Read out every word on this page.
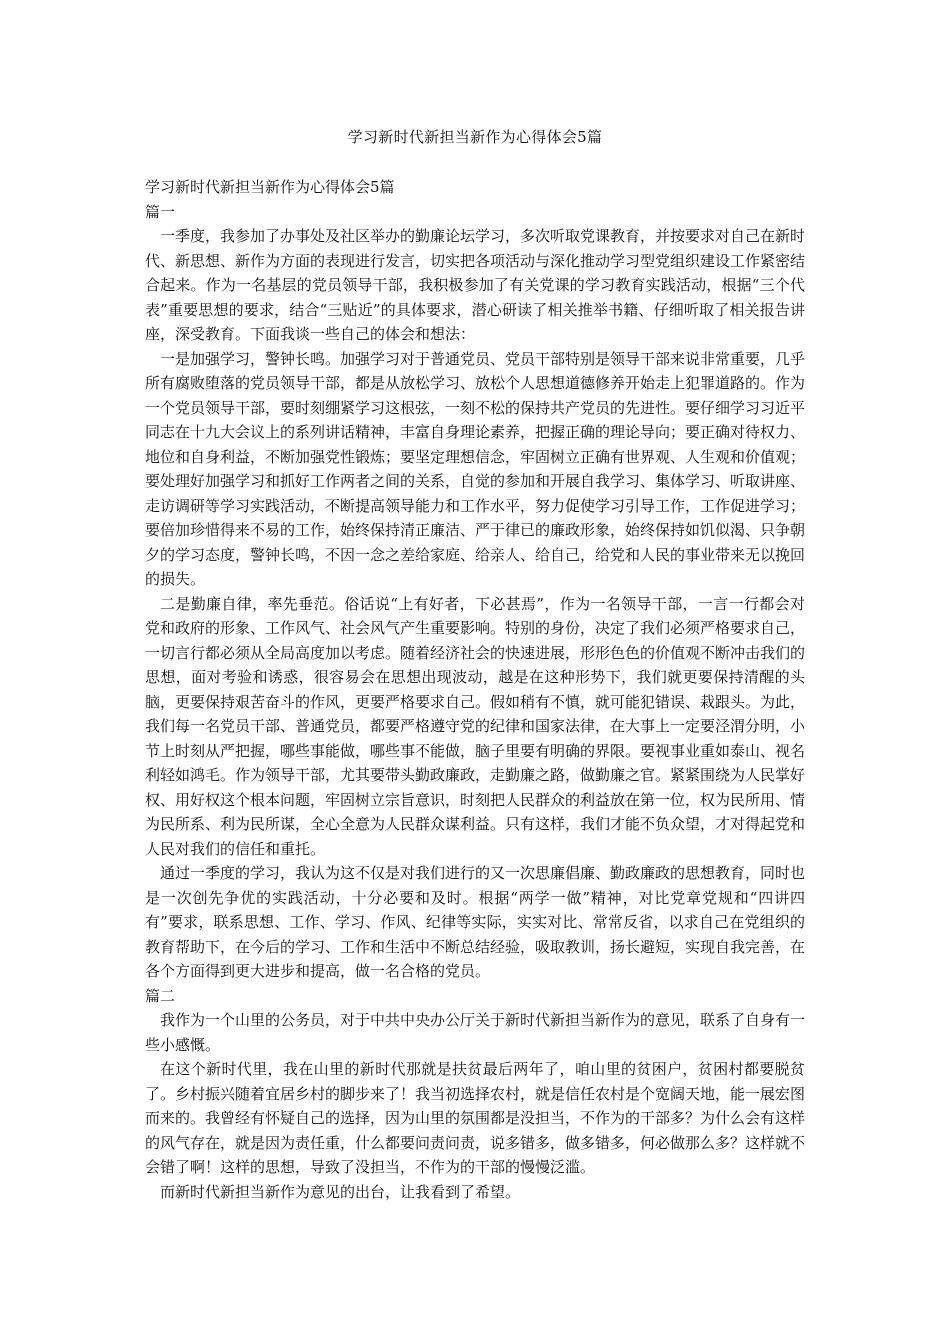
学习新时代新担当新作为心得体会5篇

学习新时代新担当新作为心得体会5篇

篇一

一季度，我参加了办事处及社区举办的勤廉论坛学习，多次听取党课教育，并按要求对自己在新时代、新思想、新作为方面的表现进行发言，切实把各项活动与深化推动学习型党组织建设工作紧密结合起来。作为一名基层的党员领导干部，我积极参加了有关党课的学习教育实践活动，根据“三个代表”重要思想的要求，结合“三贴近”的具体要求，潜心研读了相关推举书籍、仔细听取了相关报告讲座，深受教育。下面我谈一些自己的体会和想法：

一是加强学习，警钟长鸣。加强学习对于普通党员、党员干部特别是领导干部来说非常重要，几乎所有腐败堕落的党员领导干部，都是从放松学习、放松个人思想道德修养开始走上犯罪道路的。作为一个党员领导干部，要时刻绷紧学习这根弦，一刻不松的保持共产党员的先进性。要仔细学习习近平同志在十九大会议上的系列讲话精神，丰富自身理论素养，把握正确的理论导向；要正确对待权力、地位和自身利益，不断加强党性锻炼；要坚定理想信念，牢固树立正确有世界观、人生观和价值观；要处理好加强学习和抓好工作两者之间的关系，自觉的参加和开展自我学习、集体学习、听取讲座、走访调研等学习实践活动，不断提高领导能力和工作水平，努力促使学习引导工作，工作促进学习；要倍加珍惜得来不易的工作，始终保持清正廉洁、严于律已的廉政形象，始终保持如饥似渴、只争朝夕的学习态度，警钟长鸣，不因一念之差给家庭、给亲人、给自己，给党和人民的事业带来无以挽回的损失。

二是勤廉自律，率先垂范。俗话说“上有好者，下必甚焉”，作为一名领导干部，一言一行都会对党和政府的形象、工作风气、社会风气产生重要影响。特别的身份，决定了我们必须严格要求自己，一切言行都必须从全局高度加以考虑。随着经济社会的快速进展，形形色色的价值观不断冲击我们的思想，面对考验和诱惑，很容易会在思想出现波动，越是在这种形势下，我们就更要保持清醒的头脑，更要保持艰苦奋斗的作风，更要严格要求自己。假如稍有不慎，就可能犯错误、栽跟头。为此，我们每一名党员干部、普通党员，都要严格遵守党的纪律和国家法律，在大事上一定要泾渭分明，小节上时刻从严把握，哪些事能做，哪些事不能做，脑子里要有明确的界限。要视事业重如泰山、视名利轻如鸿毛。作为领导干部，尤其要带头勤政廉政，走勤廉之路，做勤廉之官。紧紧围绕为人民掌好权、用好权这个根本问题，牢固树立宗旨意识，时刻把人民群众的利益放在第一位，权为民所用、情为民所系、利为民所谋，全心全意为人民群众谋利益。只有这样，我们才能不负众望，才对得起党和人民对我们的信任和重托。

通过一季度的学习，我认为这不仅是对我们进行的又一次思廉倡廉、勤政廉政的思想教育，同时也是一次创先争优的实践活动，十分必要和及时。根据“两学一做”精神，对比党章党规和“四讲四有”要求，联系思想、工作、学习、作风、纪律等实际，实实对比、常常反省，以求自己在党组织的教育帮助下，在今后的学习、工作和生活中不断总结经验，吸取教训，扬长避短，实现自我完善，在各个方面得到更大进步和提高，做一名合格的党员。

篇二

我作为一个山里的公务员，对于中共中央办公厅关于新时代新担当新作为的意见，联系了自身有一些小感慨。

在这个新时代里，我在山里的新时代那就是扶贫最后两年了，咱山里的贫困户，贫困村都要脱贫了。乡村振兴随着宜居乡村的脚步来了！我当初选择农村，就是信任农村是个宽阔天地，能一展宏图而来的。我曾经有怀疑自己的选择，因为山里的氛围都是没担当，不作为的干部多？为什么会有这样的风气存在，就是因为责任重，什么都要问责问责，说多错多，做多错多，何必做那么多？这样就不会错了啊！这样的思想，导致了没担当，不作为的干部的慢慢泛滥。

而新时代新担当新作为意见的出台，让我看到了希望。
